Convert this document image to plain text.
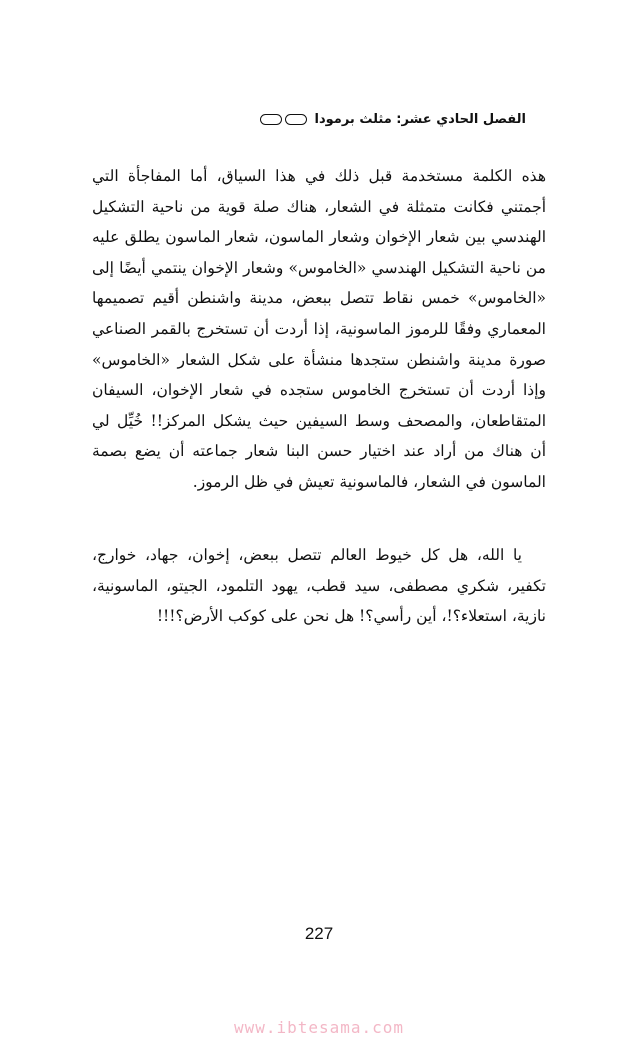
الفصل الحادي عشر: مثلث برمودا
هذه الكلمة مستخدمة قبل ذلك في هذا السياق، أما المفاجأة التي أجمتني فكانت متمثلة في الشعار، هناك صلة قوية من ناحية التشكيل الهندسي بين شعار الإخوان وشعار الماسون، شعار الماسون يطلق عليه من ناحية التشكيل الهندسي «الخاموس» وشعار الإخوان ينتمي أيضًا إلى «الخاموس» خمس نقاط تتصل ببعض، مدينة واشنطن أقيم تصميمها المعماري وفقًا للرموز الماسونية، إذا أردت أن تستخرج بالقمر الصناعي صورة مدينة واشنطن ستجدها منشأة على شكل الشعار «الخاموس» وإذا أردت أن تستخرج الخاموس ستجده في شعار الإخوان، السيفان المتقاطعان، والمصحف وسط السيفين حيث يشكل المركز!! خُيِّل لي أن هناك من أراد عند اختيار حسن البنا شعار جماعته أن يضع بصمة الماسون في الشعار، فالماسونية تعيش في ظل الرموز.
يا الله، هل كل خيوط العالم تتصل ببعض، إخوان، جهاد، خوارج، تكفير، شكري مصطفى، سيد قطب، يهود التلمود، الجيتو، الماسونية، نازية، استعلاء؟!، أين رأسي؟! هل نحن على كوكب الأرض؟!!!
227
www.ibtesama.com
